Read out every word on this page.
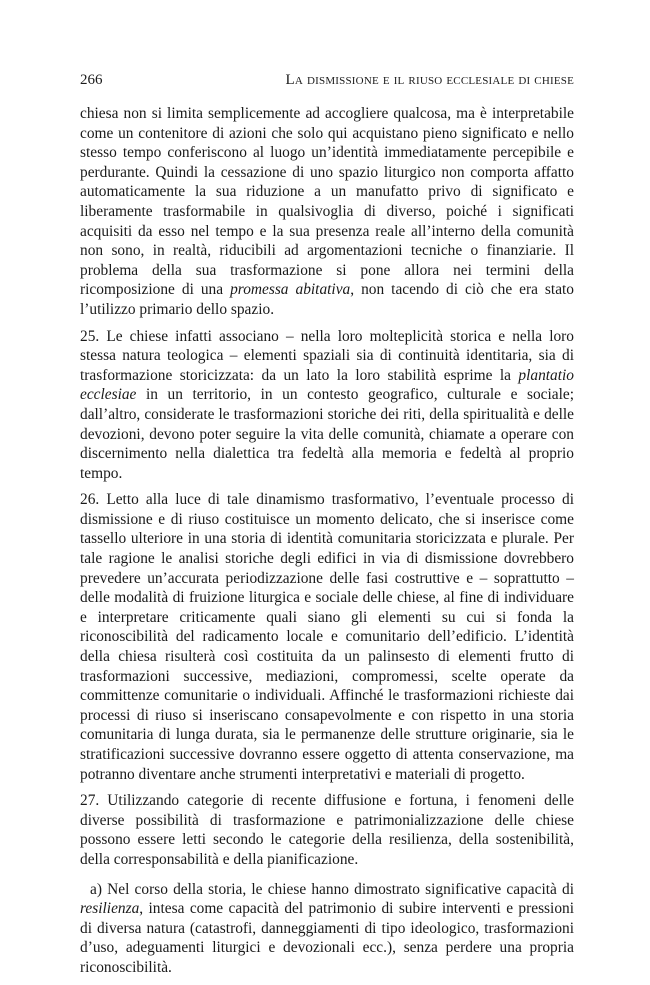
266	La dismissione e il riuso ecclesiale di chiese

chiesa non si limita semplicemente ad accogliere qualcosa, ma è interpretabile come un contenitore di azioni che solo qui acquistano pieno significato e nello stesso tempo conferiscono al luogo un’identità immediatamente percepibile e perdurante. Quindi la cessazione di uno spazio liturgico non comporta affatto automaticamente la sua riduzione a un manufatto privo di significato e liberamente trasformabile in qualsivoglia di diverso, poiché i significati acquisiti da esso nel tempo e la sua presenza reale all’interno della comunità non sono, in realtà, riducibili ad argomentazioni tecniche o finanziarie. Il problema della sua trasformazione si pone allora nei termini della ricomposizione di una promessa abitativa, non tacendo di ciò che era stato l’utilizzo primario dello spazio.

25. Le chiese infatti associano – nella loro molteplicità storica e nella loro stessa natura teologica – elementi spaziali sia di continuità identitaria, sia di trasformazione storicizzata: da un lato la loro stabilità esprime la plantatio ecclesiae in un territorio, in un contesto geografico, culturale e sociale; dall’altro, considerate le trasformazioni storiche dei riti, della spiritualità e delle devozioni, devono poter seguire la vita delle comunità, chiamate a operare con discernimento nella dialettica tra fedeltà alla memoria e fedeltà al proprio tempo.

26. Letto alla luce di tale dinamismo trasformativo, l’eventuale processo di dismissione e di riuso costituisce un momento delicato, che si inserisce come tassello ulteriore in una storia di identità comunitaria storicizzata e plurale. Per tale ragione le analisi storiche degli edifici in via di dismissione dovrebbero prevedere un’accurata periodizzazione delle fasi costruttive e – soprattutto – delle modalità di fruizione liturgica e sociale delle chiese, al fine di individuare e interpretare criticamente quali siano gli elementi su cui si fonda la riconoscibilità del radicamento locale e comunitario dell’edificio. L’identità della chiesa risulterà così costituita da un palinsesto di elementi frutto di trasformazioni successive, mediazioni, compromessi, scelte operate da committenze comunitarie o individuali. Affinché le trasformazioni richieste dai processi di riuso si inseriscano consapevolmente e con rispetto in una storia comunitaria di lunga durata, sia le permanenze delle strutture originarie, sia le stratificazioni successive dovranno essere oggetto di attenta conservazione, ma potranno diventare anche strumenti interpretativi e materiali di progetto.

27. Utilizzando categorie di recente diffusione e fortuna, i fenomeni delle diverse possibilità di trasformazione e patrimonializzazione delle chiese possono essere letti secondo le categorie della resilienza, della sostenibilità, della corresponsabilità e della pianificazione.

a) Nel corso della storia, le chiese hanno dimostrato significative capacità di resilienza, intesa come capacità del patrimonio di subire interventi e pressioni di diversa natura (catastrofi, danneggiamenti di tipo ideologico, trasformazioni d’uso, adeguamenti liturgici e devozionali ecc.), senza perdere una propria riconoscibilità.
